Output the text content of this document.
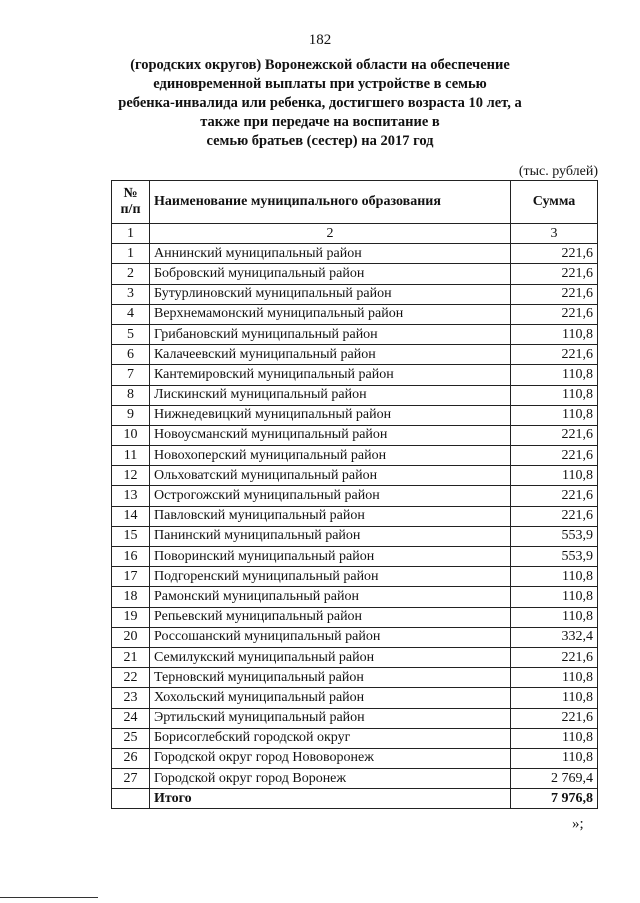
182
(городских округов) Воронежской области на обеспечение
единовременной выплаты при устройстве в семью
ребенка-инвалида или ребенка, достигшего возраста 10 лет, а
также при передаче на воспитание в
семью братьев (сестер) на 2017 год
(тыс. рублей)
№
п/п	Наименование муниципального образования	Сумма
1	2	3
1	Аннинский муниципальный район	221,6
2	Бобровский муниципальный район	221,6
3	Бутурлиновский муниципальный район	221,6
4	Верхнемамонский муниципальный район	221,6
5	Грибановский муниципальный район	110,8
6	Калачеевский муниципальный район	221,6
7	Кантемировский муниципальный район	110,8
8	Лискинский муниципальный район	110,8
9	Нижнедевицкий муниципальный район	110,8
10	Новоусманский муниципальный район	221,6
11	Новохоперский муниципальный район	221,6
12	Ольховатский муниципальный район	110,8
13	Острогожский муниципальный район	221,6
14	Павловский муниципальный район	221,6
15	Панинский муниципальный район	553,9
16	Поворинский муниципальный район	553,9
17	Подгоренский муниципальный район	110,8
18	Рамонский муниципальный район	110,8
19	Репьевский муниципальный район	110,8
20	Россошанский муниципальный район	332,4
21	Семилукский муниципальный район	221,6
22	Терновский муниципальный район	110,8
23	Хохольский муниципальный район	110,8
24	Эртильский муниципальный район	221,6
25	Борисоглебский городской округ	110,8
26	Городской округ город Нововоронеж	110,8
27	Городской округ город Воронеж	2 769,4
	Итого	7 976,8
»;
